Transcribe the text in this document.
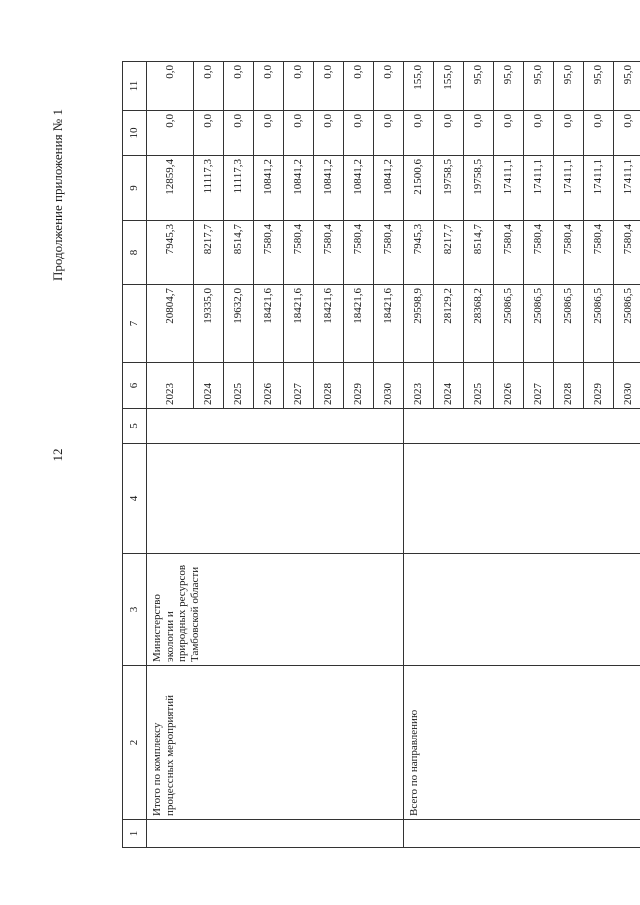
12
Продолжение приложения № 1
1	2	3	4	5	6	7	8	9	10	11
	Итого по комплексу процессных мероприятий	Министерство экологии и природных ресурсов Тамбовской области			2023	20804,7	7945,3	12859,4	0,0	0,0
					2024	19335,0	8217,7	11117,3	0,0	0,0
					2025	19632,0	8514,7	11117,3	0,0	0,0
					2026	18421,6	7580,4	10841,2	0,0	0,0
					2027	18421,6	7580,4	10841,2	0,0	0,0
					2028	18421,6	7580,4	10841,2	0,0	0,0
					2029	18421,6	7580,4	10841,2	0,0	0,0
					2030	18421,6	7580,4	10841,2	0,0	0,0
	Всего по направлению				2023	29598,9	7945,3	21500,6	0,0	155,0
					2024	28129,2	8217,7	19758,5	0,0	155,0
					2025	28368,2	8514,7	19758,5	0,0	95,0
					2026	25086,5	7580,4	17411,1	0,0	95,0
					2027	25086,5	7580,4	17411,1	0,0	95,0
					2028	25086,5	7580,4	17411,1	0,0	95,0
					2029	25086,5	7580,4	17411,1	0,0	95,0
					2030	25086,5	7580,4	17411,1	0,0	95,0
